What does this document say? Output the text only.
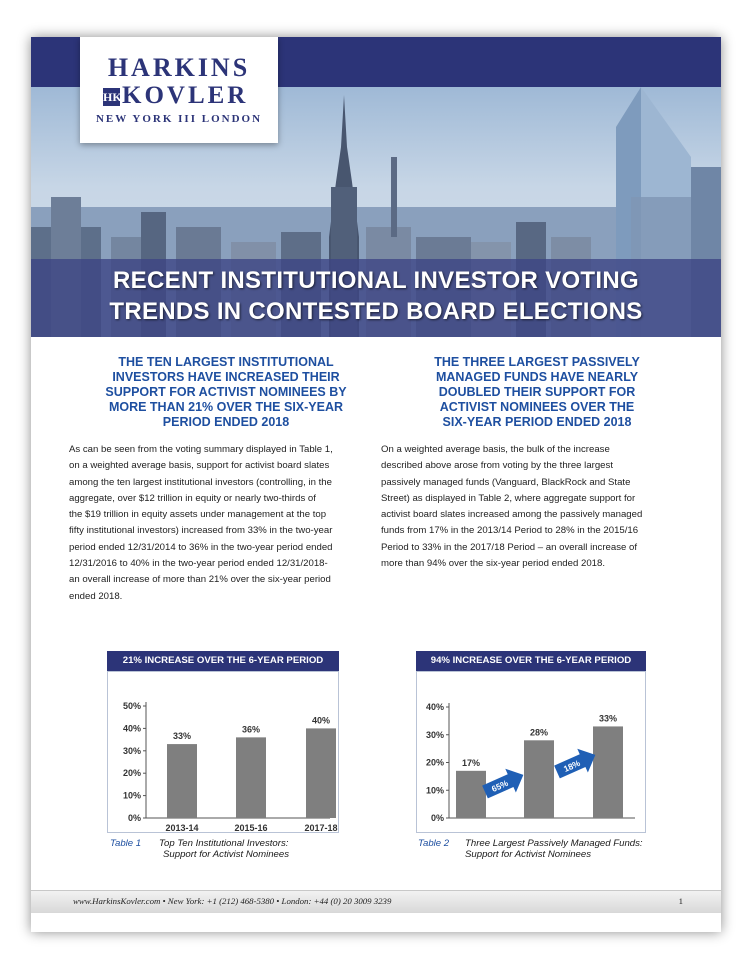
RECENT INSTITUTIONAL INVESTOR VOTING
TRENDS IN CONTESTED BOARD ELECTIONS
HARKINS
HK KOVLER
NEW YORK III LONDON
THE TEN LARGEST INSTITUTIONAL
INVESTORS HAVE INCREASED THEIR
SUPPORT FOR ACTIVIST NOMINEES BY
MORE THAN 21% OVER THE SIX-YEAR
PERIOD ENDED 2018
THE THREE LARGEST PASSIVELY
MANAGED FUNDS HAVE NEARLY
DOUBLED THEIR SUPPORT FOR
ACTIVIST NOMINEES OVER THE
SIX-YEAR PERIOD ENDED 2018
As can be seen from the voting summary displayed in Table 1,
on a weighted average basis, support for activist board slates
among the ten largest institutional investors (controlling, in the
aggregate, over $12 trillion in equity or nearly two-thirds of
the $19 trillion in equity assets under management at the top
fifty institutional investors) increased from 33% in the two-year
period ended 12/31/2014 to 36% in the two-year period ended
12/31/2016 to 40% in the two-year period ended 12/31/2018-
an overall increase of more than 21% over the six-year period
ended 2018.
On a weighted average basis, the bulk of the increase
described above arose from voting by the three largest
passively managed funds (Vanguard, BlackRock and State
Street) as displayed in Table 2, where aggregate support for
activist board slates increased among the passively managed
funds from 17% in the 2013/14 Period to 28% in the 2015/16
Period to 33% in the 2017/18 Period – an overall increase of
more than 94% over the six-year period ended 2018.
21% INCREASE OVER THE 6-YEAR PERIOD
0%
10%
20%
30%
40%
50%
33%
2013-14
36%
2015-16
40%
2017-18
94% INCREASE OVER THE 6-YEAR PERIOD
0%
10%
20%
30%
40%
17%
28%
33%
65%
18%
Table 1 Top Ten Institutional Investors:
Support for Activist Nominees
Table 2 Three Largest Passively Managed Funds:
Support for Activist Nominees
www.HarkinsKovler.com • New York: +1 (212) 468-5380 • London: +44 (0) 20 3009 3239	1
